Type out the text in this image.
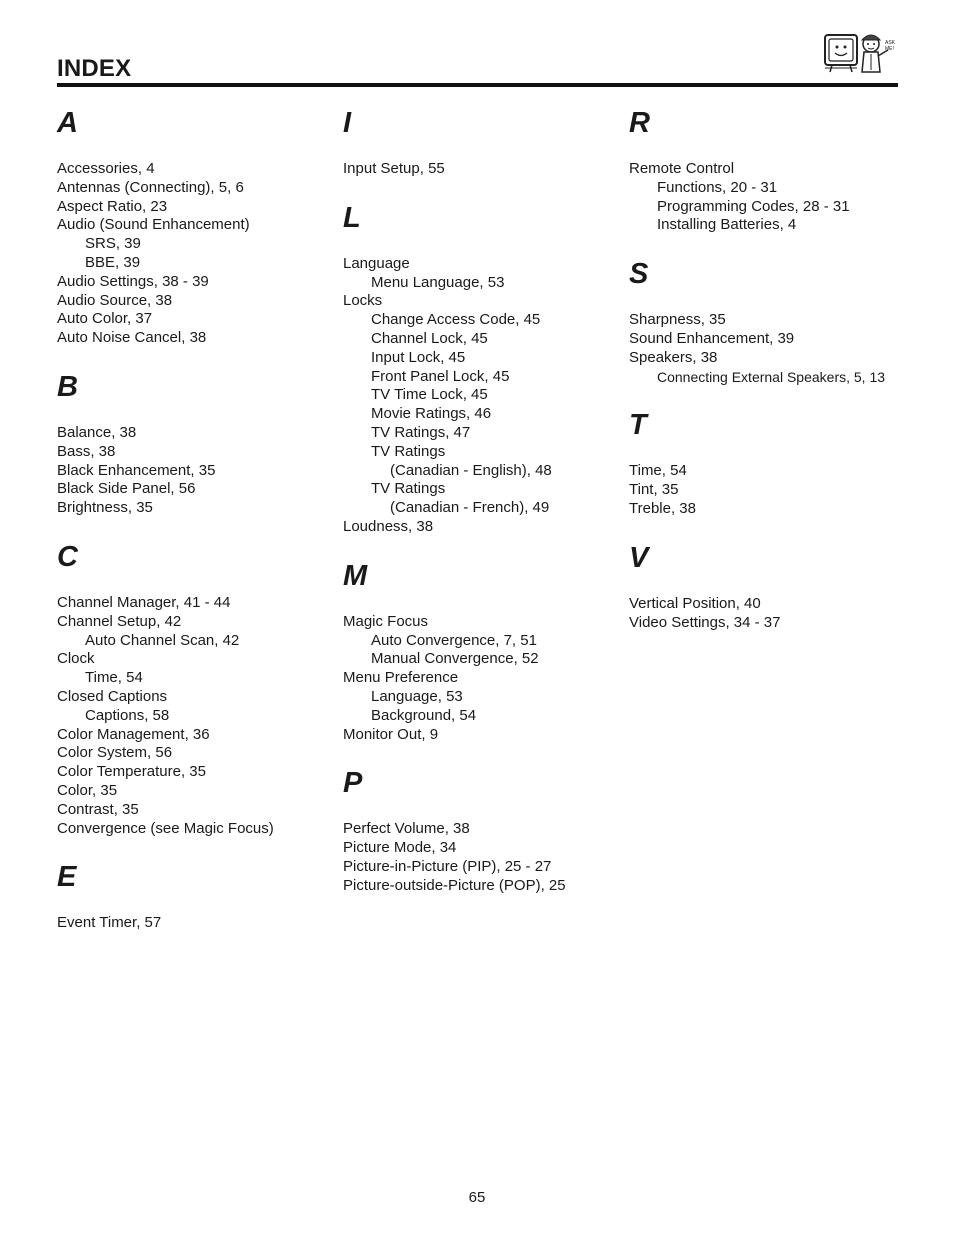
INDEX
ASK
ME!
A
Accessories, 4
Antennas (Connecting), 5, 6
Aspect Ratio, 23
Audio (Sound Enhancement)
SRS, 39
BBE, 39
Audio Settings, 38 - 39
Audio Source, 38
Auto Color, 37
Auto Noise Cancel, 38
B
Balance, 38
Bass, 38
Black Enhancement, 35
Black Side Panel, 56
Brightness, 35
C
Channel Manager, 41 - 44
Channel Setup, 42
Auto Channel Scan, 42
Clock
Time, 54
Closed Captions
Captions, 58
Color Management, 36
Color System, 56
Color Temperature, 35
Color, 35
Contrast, 35
Convergence (see Magic Focus)
E
Event Timer, 57
I
Input Setup, 55
L
Language
Menu Language, 53
Locks
Change Access Code, 45
Channel Lock, 45
Input Lock, 45
Front Panel Lock, 45
TV Time Lock, 45
Movie Ratings, 46
TV Ratings, 47
TV Ratings
(Canadian - English), 48
TV Ratings
(Canadian - French), 49
Loudness, 38
M
Magic Focus
Auto Convergence, 7, 51
Manual Convergence, 52
Menu Preference
Language, 53
Background, 54
Monitor Out, 9
P
Perfect Volume, 38
Picture Mode, 34
Picture-in-Picture (PIP), 25 - 27
Picture-outside-Picture (POP), 25
R
Remote Control
Functions, 20 - 31
Programming Codes, 28 - 31
Installing Batteries, 4
S
Sharpness, 35
Sound Enhancement, 39
Speakers, 38
Connecting External Speakers, 5, 13
T
Time, 54
Tint, 35
Treble, 38
V
Vertical Position, 40
Video Settings, 34 - 37
65
